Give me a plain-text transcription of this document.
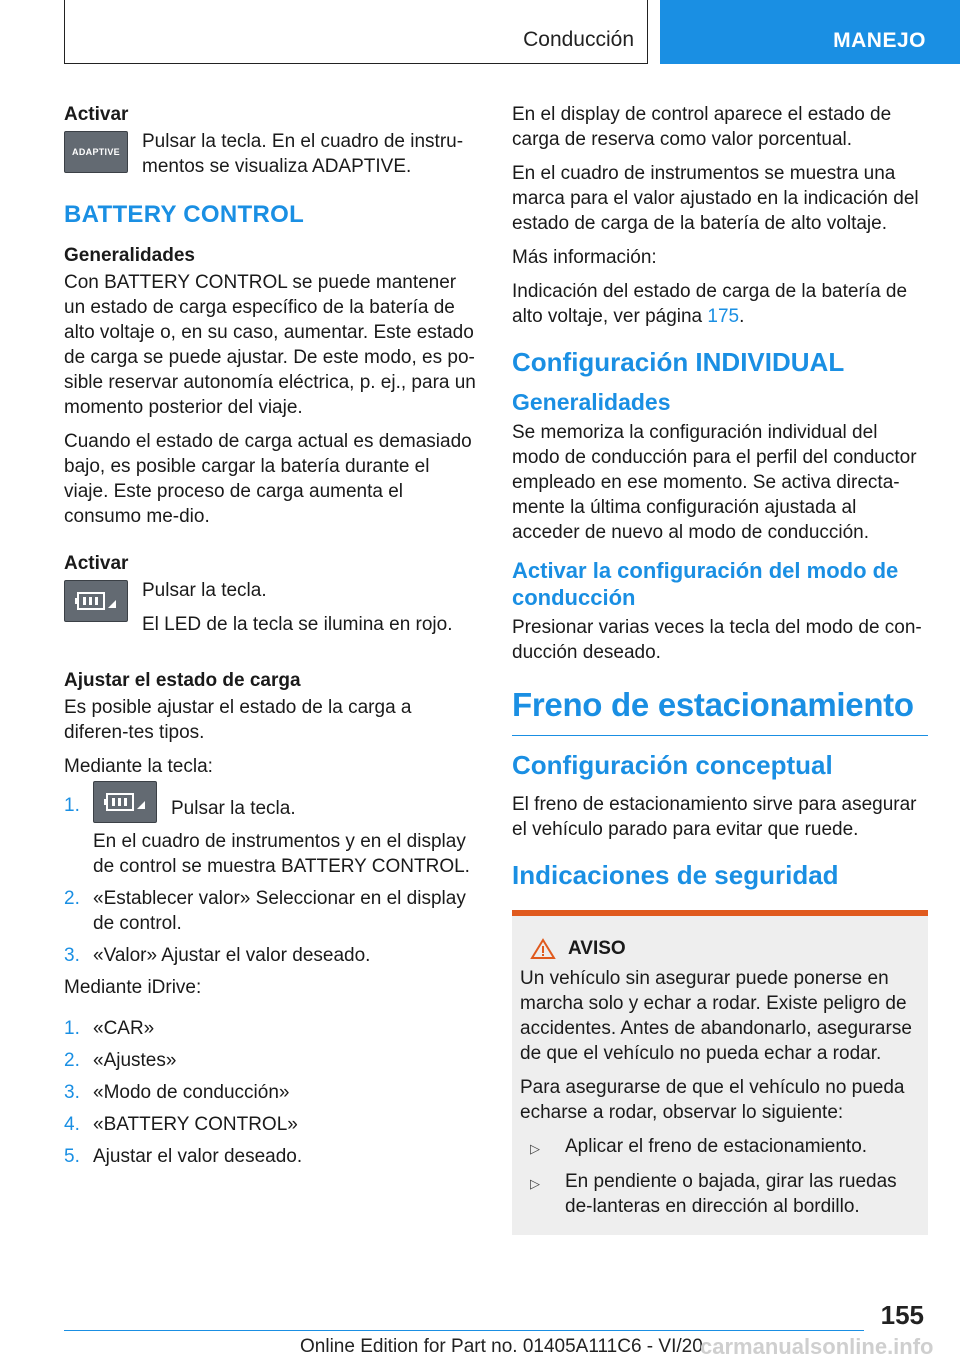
Conducción	MANEJO
Activar
ADAPTIVE	Pulsar la tecla. En el cuadro de instru-mentos se visualiza ADAPTIVE.

BATTERY CONTROL
Generalidades

Con BATTERY CONTROL se puede mantener un estado de carga específico de la batería de alto voltaje o, en su caso, aumentar. Este estado de carga se puede ajustar. De este modo, es po-sible reservar autonomía eléctrica, p. ej., para un momento posterior del viaje.

Cuando el estado de carga actual es demasiado bajo, es posible cargar la batería durante el viaje. Este proceso de carga aumenta el consumo me-dio.

Activar

Pulsar la tecla.

El LED de la tecla se ilumina en rojo.

Ajustar el estado de carga

Es posible ajustar el estado de la carga a diferen-tes tipos.

Mediante la tecla:

1.	Pulsar la tecla.
En el cuadro de instrumentos y en el display de control se muestra BATTERY CONTROL.
2. «Establecer valor» Seleccionar en el display de control.
3. «Valor» Ajustar el valor deseado.

Mediante iDrive:

1. «CAR»
2. «Ajustes»
3. «Modo de conducción»
4. «BATTERY CONTROL»
5. Ajustar el valor deseado.

En el display de control aparece el estado de carga de reserva como valor porcentual.

En el cuadro de instrumentos se muestra una marca para el valor ajustado en la indicación del estado de carga de la batería de alto voltaje.

Más información:

Indicación del estado de carga de la batería de alto voltaje, ver página 175.

Configuración INDIVIDUAL
Generalidades

Se memoriza la configuración individual del modo de conducción para el perfil del conductor empleado en ese momento. Se activa directa-mente la última configuración ajustada al acceder de nuevo al modo de conducción.

Activar la configuración del modo de conducción

Presionar varias veces la tecla del modo de con-ducción deseado.

Freno de estacionamiento
Configuración conceptual

El freno de estacionamiento sirve para asegurar el vehículo parado para evitar que ruede.

Indicaciones de seguridad
AVISO

Un vehículo sin asegurar puede ponerse en marcha solo y echar a rodar. Existe peligro de accidentes. Antes de abandonarlo, asegurarse de que el vehículo no pueda echar a rodar.

Para asegurarse de que el vehículo no pueda echarse a rodar, observar lo siguiente:

▷	Aplicar el freno de estacionamiento.
▷	En pendiente o bajada, girar las ruedas de-lanteras en dirección al bordillo.
155
Online Edition for Part no. 01405A111C6 - VI/20
carmanualsonline.info
